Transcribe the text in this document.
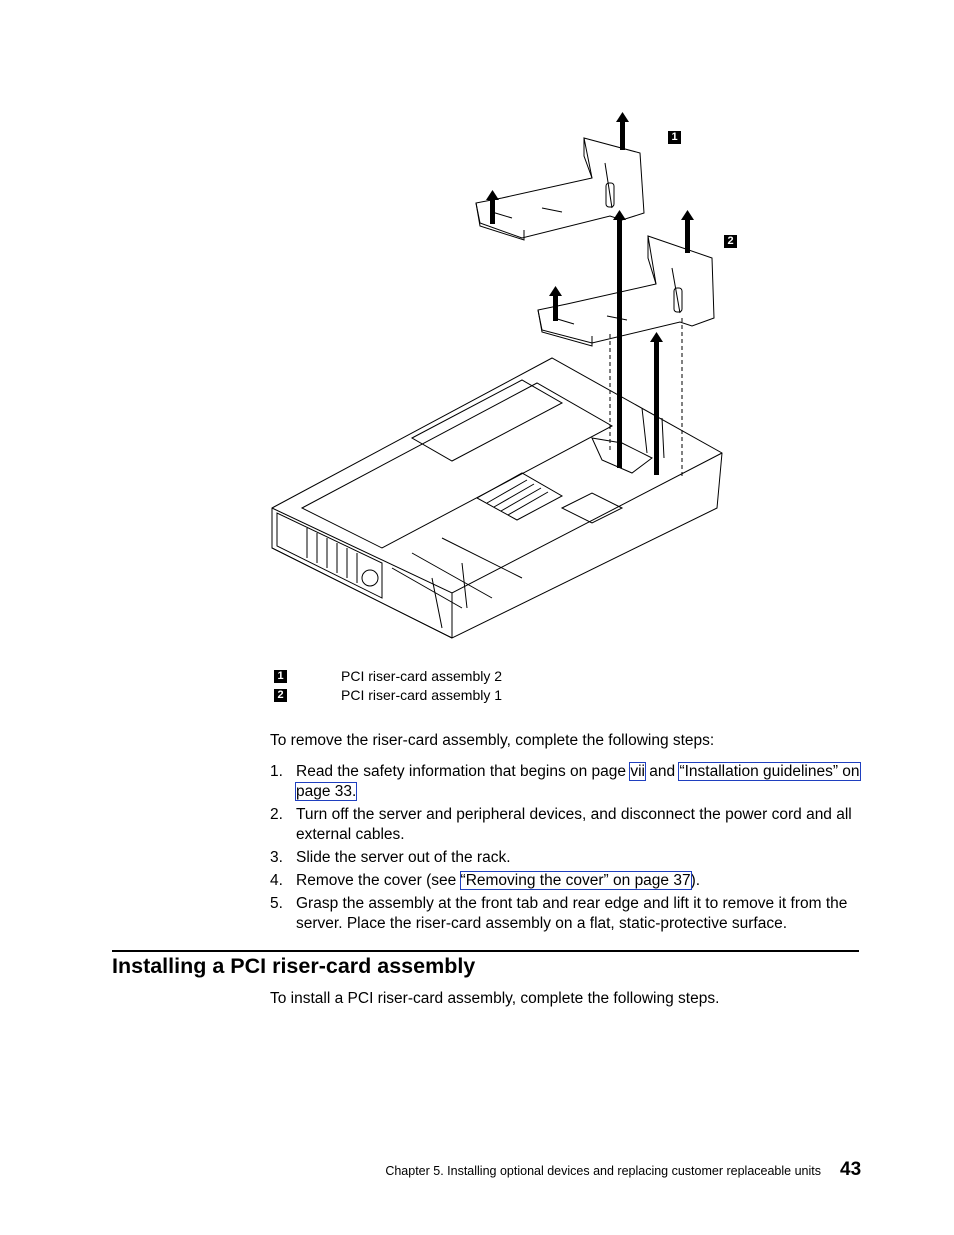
1
2
1	PCI riser-card assembly 2
2	PCI riser-card assembly 1

To remove the riser-card assembly, complete the following steps:

1. Read the safety information that begins on page vii and “Installation guidelines” on page 33.
2. Turn off the server and peripheral devices, and disconnect the power cord and all external cables.
3. Slide the server out of the rack.
4. Remove the cover (see “Removing the cover” on page 37).
5. Grasp the assembly at the front tab and rear edge and lift it to remove it from the server. Place the riser-card assembly on a flat, static-protective surface.
Installing a PCI riser-card assembly

To install a PCI riser-card assembly, complete the following steps.

Chapter 5. Installing optional devices and replacing customer replaceable units 43
